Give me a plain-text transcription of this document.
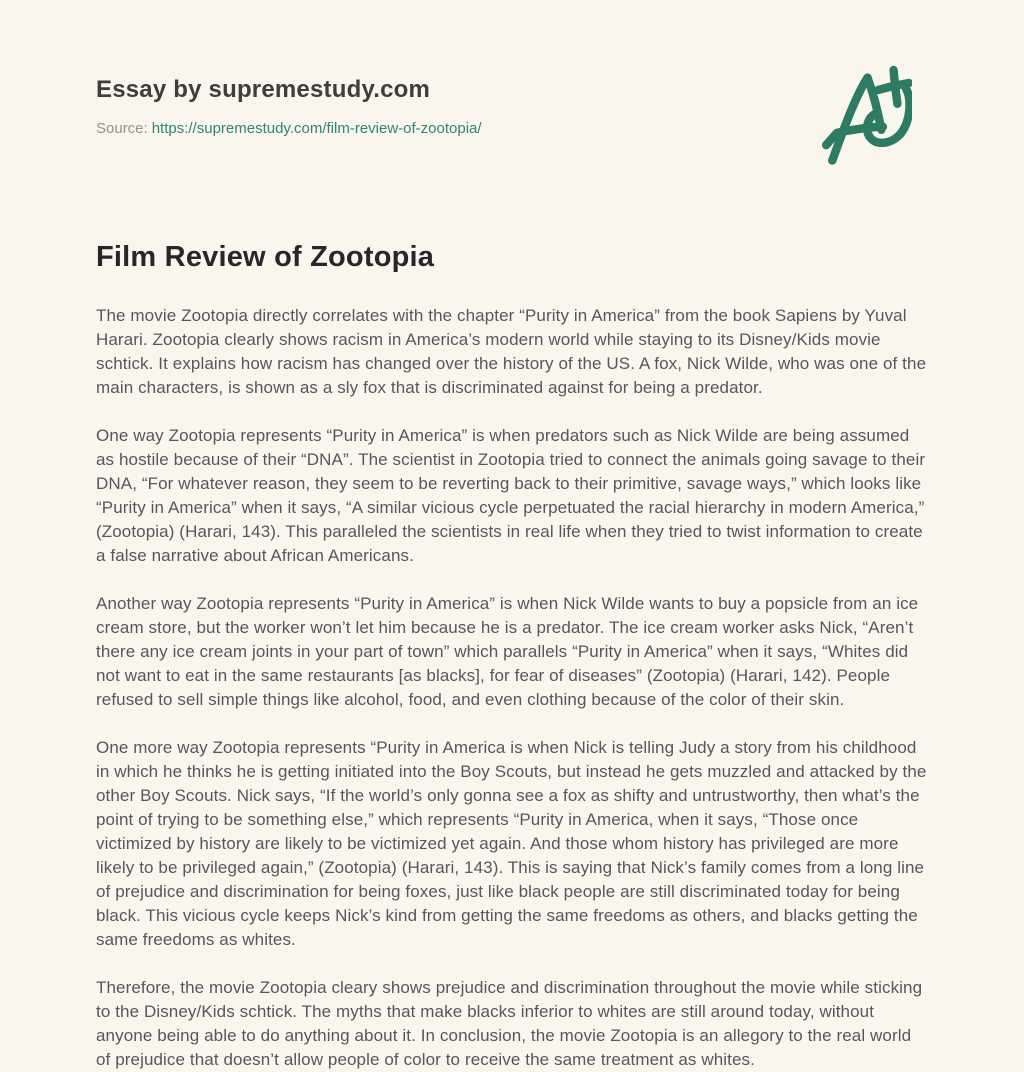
Essay by supremestudy.com
Source: https://supremestudy.com/film-review-of-zootopia/
Film Review of Zootopia

The movie Zootopia directly correlates with the chapter “Purity in America” from the book Sapiens by Yuval Harari. Zootopia clearly shows racism in America’s modern world while staying to its Disney/Kids movie schtick. It explains how racism has changed over the history of the US. A fox, Nick Wilde, who was one of the main characters, is shown as a sly fox that is discriminated against for being a predator.

One way Zootopia represents “Purity in America” is when predators such as Nick Wilde are being assumed as hostile because of their “DNA”. The scientist in Zootopia tried to connect the animals going savage to their DNA, “For whatever reason, they seem to be reverting back to their primitive, savage ways,” which looks like “Purity in America” when it says, “A similar vicious cycle perpetuated the racial hierarchy in modern America,” (Zootopia) (Harari, 143). This paralleled the scientists in real life when they tried to twist information to create a false narrative about African Americans.

Another way Zootopia represents “Purity in America” is when Nick Wilde wants to buy a popsicle from an ice cream store, but the worker won’t let him because he is a predator. The ice cream worker asks Nick, “Aren’t there any ice cream joints in your part of town” which parallels “Purity in America” when it says, “Whites did not want to eat in the same restaurants [as blacks], for fear of diseases” (Zootopia) (Harari, 142). People refused to sell simple things like alcohol, food, and even clothing because of the color of their skin.

One more way Zootopia represents “Purity in America is when Nick is telling Judy a story from his childhood in which he thinks he is getting initiated into the Boy Scouts, but instead he gets muzzled and attacked by the other Boy Scouts. Nick says, “If the world’s only gonna see a fox as shifty and untrustworthy, then what’s the point of trying to be something else,” which represents “Purity in America, when it says, “Those once victimized by history are likely to be victimized yet again. And those whom history has privileged are more likely to be privileged again,” (Zootopia) (Harari, 143). This is saying that Nick’s family comes from a long line of prejudice and discrimination for being foxes, just like black people are still discriminated today for being black. This vicious cycle keeps Nick’s kind from getting the same freedoms as others, and blacks getting the same freedoms as whites.

Therefore, the movie Zootopia cleary shows prejudice and discrimination throughout the movie while sticking to the Disney/Kids schtick. The myths that make blacks inferior to whites are still around today, without anyone being able to do anything about it. In conclusion, the movie Zootopia is an allegory to the real world of prejudice that doesn’t allow people of color to receive the same treatment as whites.
